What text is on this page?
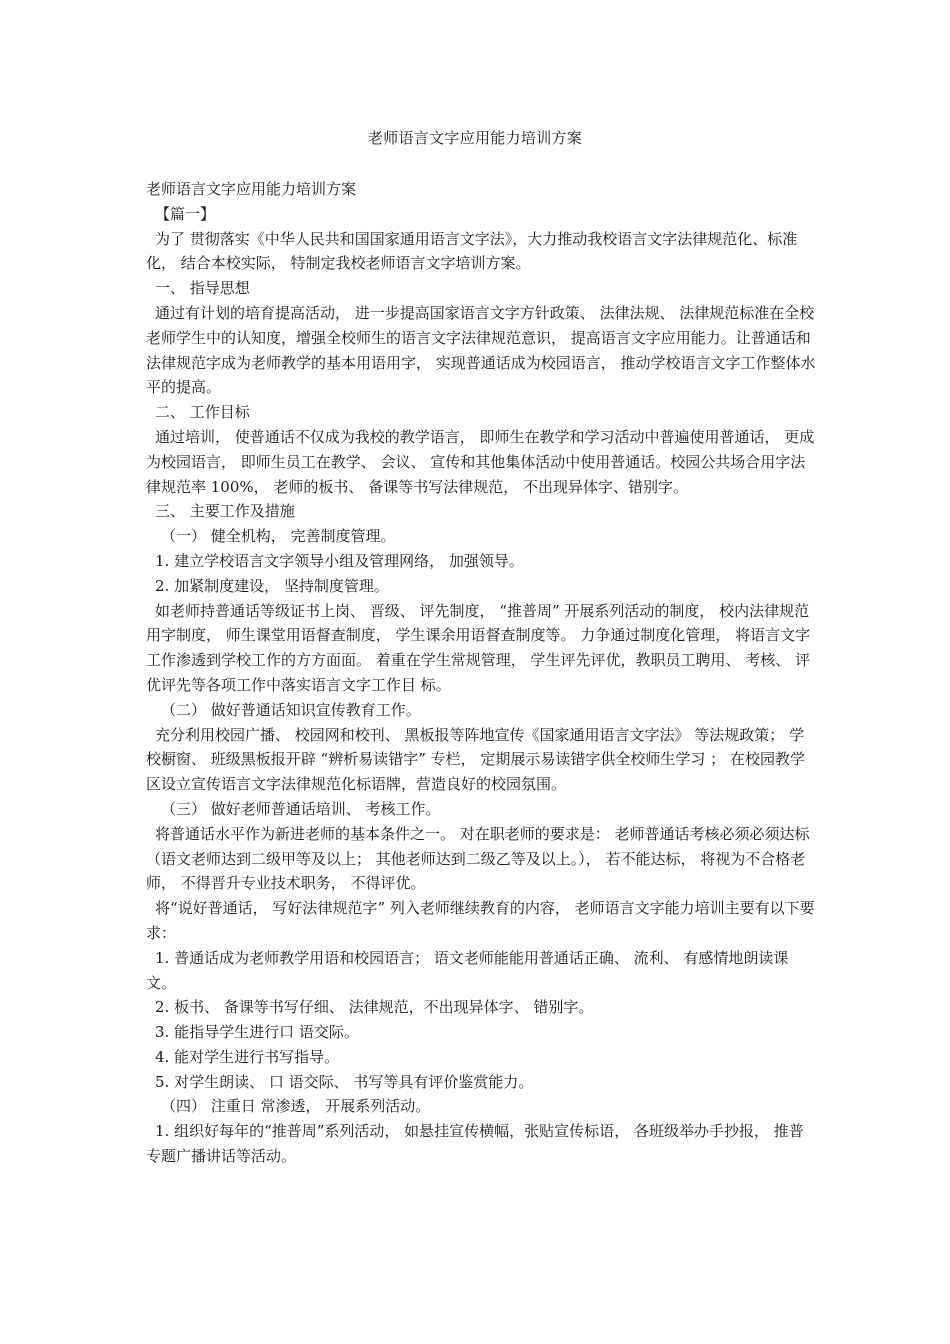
老师语言文字应用能力培训方案

老师语言文字应用能力培训方案

【篇一】

为了 贯彻落实《中华人民共和国国家通用语言文字法》，大力推动我校语言文字法律规范化、标准化， 结合本校实际， 特制定我校老师语言文字培训方案。

一、 指导思想

通过有计划的培育提高活动， 进一步提高国家语言文字方针政策、 法律法规、 法律规范标准在全校老师学生中的认知度，增强全校师生的语言文字法律规范意识， 提高语言文字应用能力。让普通话和法律规范字成为老师教学的基本用语用字， 实现普通话成为校园语言， 推动学校语言文字工作整体水平的提高。

二、 工作目标

通过培训， 使普通话不仅成为我校的教学语言， 即师生在教学和学习活动中普遍使用普通话， 更成为校园语言， 即师生员工在教学、 会议、 宣传和其他集体活动中使用普通话。校园公共场合用字法律规范率 100%， 老师的板书、 备课等书写法律规范， 不出现异体字、错别字。

三、 主要工作及措施

（一） 健全机构， 完善制度管理。

1. 建立学校语言文字领导小组及管理网络， 加强领导。

2. 加紧制度建设， 坚持制度管理。

如老师持普通话等级证书上岗、 晋级、 评先制度， “推普周” 开展系列活动的制度， 校内法律规范用字制度， 师生课堂用语督查制度， 学生课余用语督查制度等。 力争通过制度化管理， 将语言文字工作渗透到学校工作的方方面面。 着重在学生常规管理， 学生评先评优，教职员工聘用、 考核、 评优评先等各项工作中落实语言文字工作目 标。

（二） 做好普通话知识宣传教育工作。

充分利用校园广播、 校园网和校刊、 黑板报等阵地宣传《国家通用语言文字法》 等法规政策； 学校橱窗、 班级黑板报开辟 “辨析易读错字” 专栏， 定期展示易读错字供全校师生学习 ； 在校园教学区设立宣传语言文字法律规范化标语牌，营造良好的校园氛围。

（三） 做好老师普通话培训、 考核工作。

将普通话水平作为新进老师的基本条件之一。 对在职老师的要求是： 老师普通话考核必须必须达标（语文老师达到二级甲等及以上； 其他老师达到二级乙等及以上。）， 若不能达标， 将视为不合格老师， 不得晋升专业技术职务， 不得评优。

将“说好普通话， 写好法律规范字” 列入老师继续教育的内容， 老师语言文字能力培训主要有以下要求：

1. 普通话成为老师教学用语和校园语言； 语文老师能能用普通话正确、 流利、 有感情地朗读课文。

2. 板书、 备课等书写仔细、 法律规范，不出现异体字、 错别字。

3. 能指导学生进行口 语交际。

4. 能对学生进行书写指导。

5. 对学生朗读、 口 语交际、 书写等具有评价鉴赏能力。

（四） 注重日 常渗透， 开展系列活动。

1. 组织好每年的“推普周”系列活动， 如悬挂宣传横幅，张贴宣传标语， 各班级举办手抄报， 推普专题广播讲话等活动。
